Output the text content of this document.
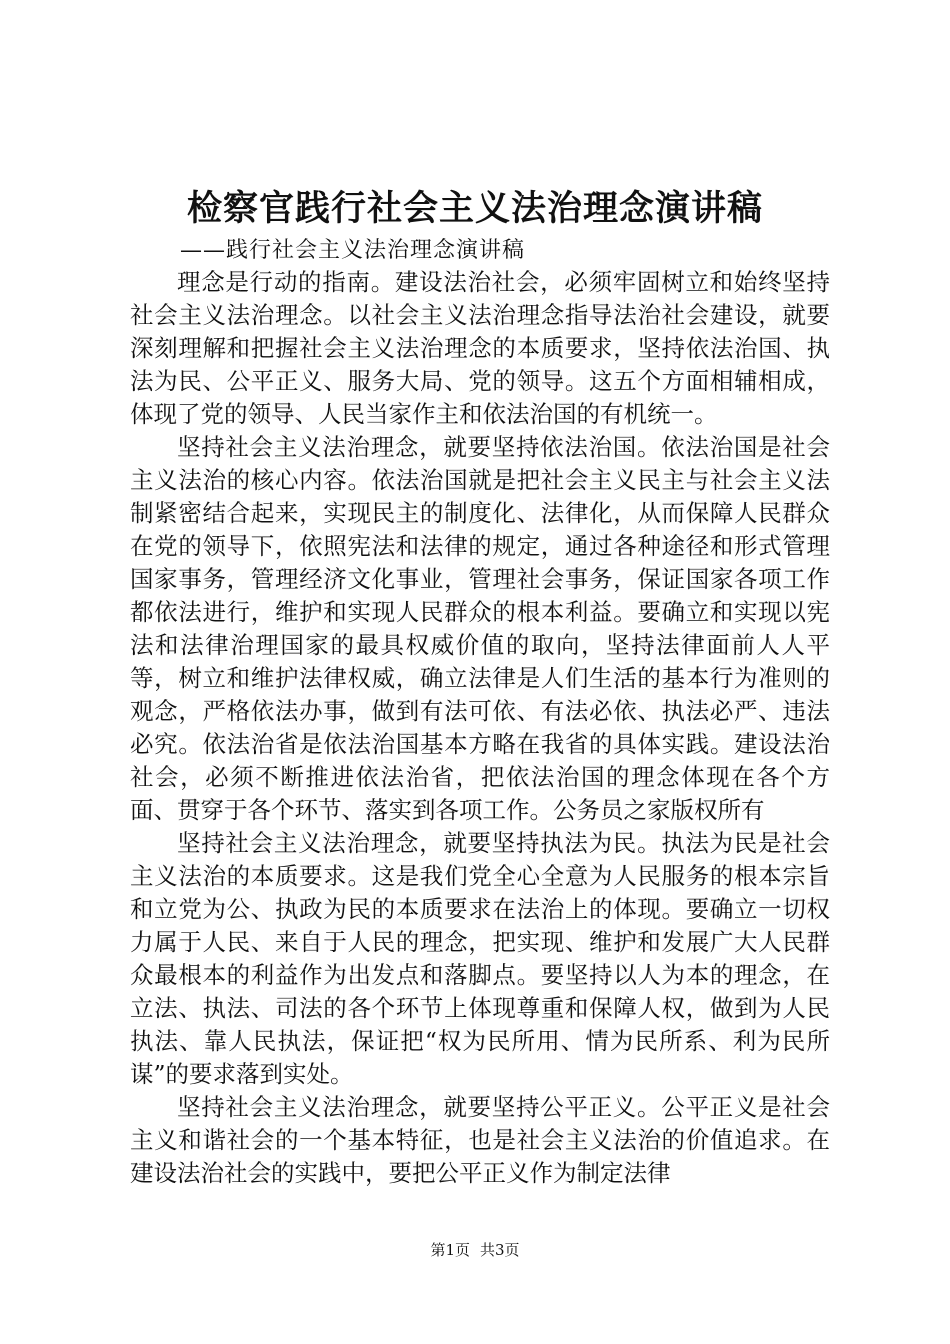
检察官践行社会主义法治理念演讲稿
——践行社会主义法治理念演讲稿

理念是行动的指南。建设法治社会，必须牢固树立和始终坚持社会主义法治理念。以社会主义法治理念指导法治社会建设，就要深刻理解和把握社会主义法治理念的本质要求，坚持依法治国、执法为民、公平正义、服务大局、党的领导。这五个方面相辅相成，体现了党的领导、人民当家作主和依法治国的有机统一。

坚持社会主义法治理念，就要坚持依法治国。依法治国是社会主义法治的核心内容。依法治国就是把社会主义民主与社会主义法制紧密结合起来，实现民主的制度化、法律化，从而保障人民群众在党的领导下，依照宪法和法律的规定，通过各种途径和形式管理国家事务，管理经济文化事业，管理社会事务，保证国家各项工作都依法进行，维护和实现人民群众的根本利益。要确立和实现以宪法和法律治理国家的最具权威价值的取向，坚持法律面前人人平等，树立和维护法律权威，确立法律是人们生活的基本行为准则的观念，严格依法办事，做到有法可依、有法必依、执法必严、违法必究。依法治省是依法治国基本方略在我省的具体实践。建设法治社会，必须不断推进依法治省，把依法治国的理念体现在各个方面、贯穿于各个环节、落实到各项工作。公务员之家版权所有

坚持社会主义法治理念，就要坚持执法为民。执法为民是社会主义法治的本质要求。这是我们党全心全意为人民服务的根本宗旨和立党为公、执政为民的本质要求在法治上的体现。要确立一切权力属于人民、来自于人民的理念，把实现、维护和发展广大人民群众最根本的利益作为出发点和落脚点。要坚持以人为本的理念，在立法、执法、司法的各个环节上体现尊重和保障人权，做到为人民执法、靠人民执法，保证把“权为民所用、情为民所系、利为民所谋”的要求落到实处。

坚持社会主义法治理念，就要坚持公平正义。公平正义是社会主义和谐社会的一个基本特征，也是社会主义法治的价值追求。在建设法治社会的实践中，要把公平正义作为制定法律

第1页 共3页
